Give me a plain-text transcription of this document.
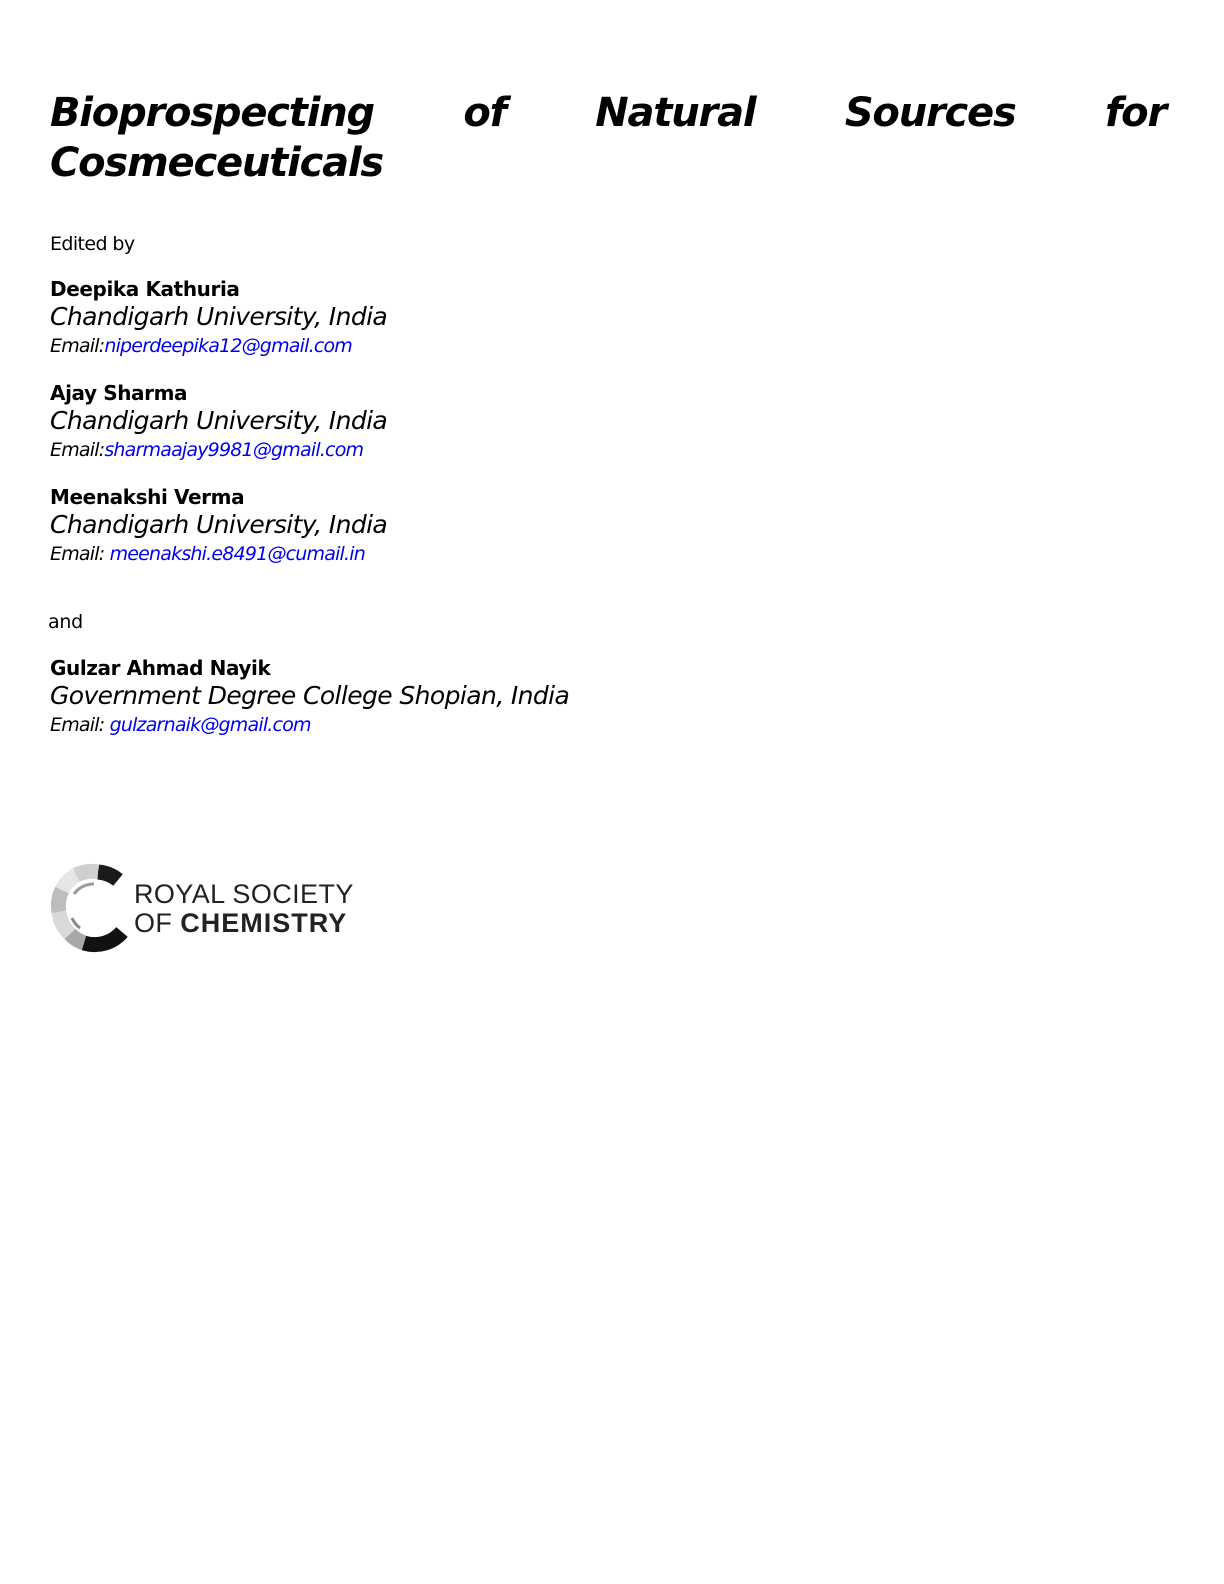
Bioprospecting of Natural Sources for
Cosmeceuticals
Edited by
Deepika Kathuria
Chandigarh University, India
Email:niperdeepika12@gmail.com
Ajay Sharma
Chandigarh University, India
Email:sharmaajay9981@gmail.com
Meenakshi Verma
Chandigarh University, India
Email: meenakshi.e8491@cumail.in
and
Gulzar Ahmad Nayik
Government Degree College Shopian, India
Email: gulzarnaik@gmail.com
ROYAL SOCIETY
OF CHEMISTRY
